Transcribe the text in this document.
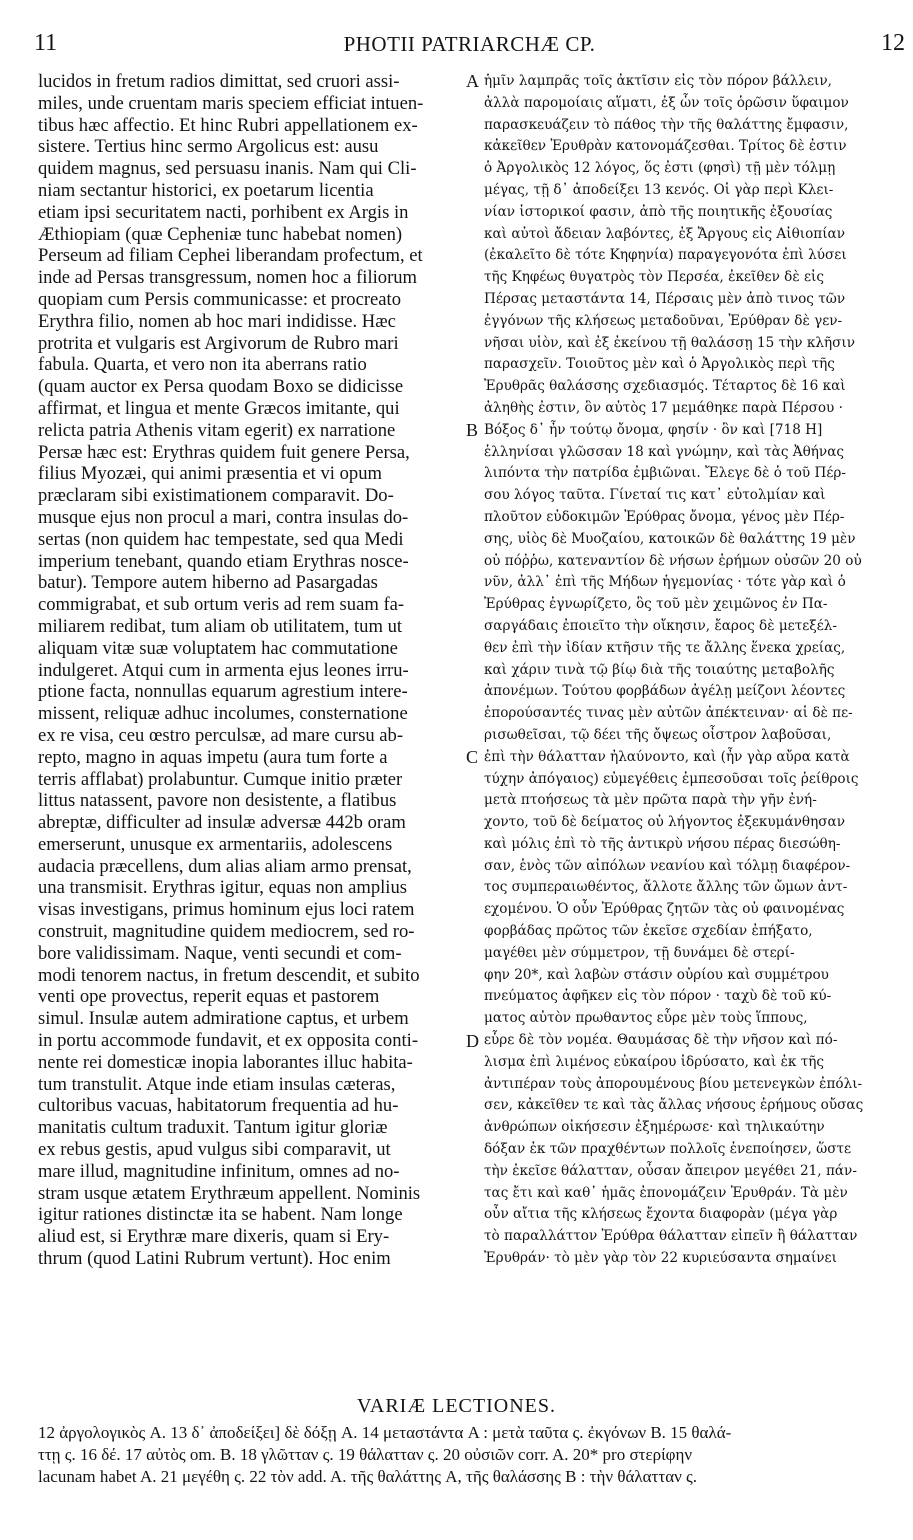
11	PHOTII PATRIARCHÆ CP.	12
lucidos in fretum radios dimittat, sed cruori assi-
miles, unde cruentam maris speciem efficiat intuen-
tibus hæc affectio. Et hinc Rubri appellationem ex-
sistere. Tertius hinc sermo Argolicus est: ausu
quidem magnus, sed persuasu inanis. Nam qui Cli-
niam sectantur historici, ex poetarum licentia
etiam ipsi securitatem nacti, porhibent ex Argis in
Æthiopiam (quæ Cepheniæ tunc habebat nomen)
Perseum ad filiam Cephei liberandam profectum, et
inde ad Persas transgressum, nomen hoc a filiorum
quopiam cum Persis communicasse: et procreato
Erythra filio, nomen ab hoc mari indidisse. Hæc
protrita et vulgaris est Argivorum de Rubro mari
fabula. Quarta, et vero non ita aberrans ratio
(quam auctor ex Persa quodam Boxo se didicisse
affirmat, et lingua et mente Græcos imitante, qui
relicta patria Athenis vitam egerit) ex narratione
Persæ hæc est: Erythras quidem fuit genere Persa,
filius Myozæi, qui animi præsentia et vi opum
præclaram sibi existimationem comparavit. Do-
musque ejus non procul a mari, contra insulas do-
sertas (non quidem hac tempestate, sed qua Medi
imperium tenebant, quando etiam Erythras nosce-
batur). Tempore autem hiberno ad Pasargadas
commigrabat, et sub ortum veris ad rem suam fa-
miliarem redibat, tum aliam ob utilitatem, tum ut
aliquam vitæ suæ voluptatem hac commutatione
indulgeret. Atqui cum in armenta ejus leones irru-
ptione facta, nonnullas equarum agrestium intere-
missent, reliquæ adhuc incolumes, consternatione
ex re visa, ceu œstro perculsæ, ad mare cursu ab-
repto, magno in aquas impetu (aura tum forte a
terris afflabat) prolabuntur. Cumque initio præter
littus natassent, pavore non desistente, a flatibus
abreptæ, difficulter ad insulæ adversæ 442b oram
emerserunt, unusque ex armentariis, adolescens
audacia præcellens, dum alias aliam armo prensat,
una transmisit. Erythras igitur, equas non amplius
visas investigans, primus hominum ejus loci ratem
construit, magnitudine quidem mediocrem, sed ro-
bore validissimam. Naque, venti secundi et com-
modi tenorem nactus, in fretum descendit, et subito
venti ope provectus, reperit equas et pastorem
simul. Insulæ autem admiratione captus, et urbem
in portu accommode fundavit, et ex opposita conti-
nente rei domesticæ inopia laborantes illuc habita-
tum transtulit. Atque inde etiam insulas cæteras,
cultoribus vacuas, habitatorum frequentia ad hu-
manitatis cultum traduxit. Tantum igitur gloriæ
ex rebus gestis, apud vulgus sibi comparavit, ut
mare illud, magnitudine infinitum, omnes ad no-
stram usque ætatem Erythræum appellent. Nominis
igitur rationes distinctæ ita se habent. Nam longe
aliud est, si Erythræ mare dixeris, quam si Ery-
thrum (quod Latini Rubrum vertunt). Hoc enim
A
B
C
D
ἡμῖν λαμπρᾶς τοῖς ἀκτῖσιν εἰς τὸν πόρον βάλλειν,
ἀλλὰ παρομοίαις αἵματι, ἐξ ὧν τοῖς ὁρῶσιν ὕφαιμον
παρασκευάζειν τὸ πάθος τὴν τῆς θαλάττης ἔμφασιν,
κἀκεῖθεν Ἐρυθρὰν κατονομάζεσθαι. Τρίτος δὲ ἐστιν
ὁ Ἀργολικὸς 12 λόγος, ὅς ἐστι (φησὶ) τῇ μὲν τόλμῃ
μέγας, τῇ δ᾿ ἀποδείξει 13 κενός. Οἱ γὰρ περὶ Κλει-
νίαν ἱστορικοί φασιν, ἀπὸ τῆς ποιητικῆς ἐξουσίας
καὶ αὐτοὶ ἄδειαν λαβόντες, ἐξ Ἄργους εἰς Αἰθιοπίαν
(ἐκαλεῖτο δὲ τότε Κηφηνία) παραγεγονότα ἐπὶ λύσει
τῆς Κηφέως θυγατρὸς τὸν Περσέα, ἐκεῖθεν δὲ εἰς
Πέρσας μεταστάντα 14, Πέρσαις μὲν ἀπὸ τινος τῶν
ἐγγόνων τῆς κλήσεως μεταδοῦναι, Ἐρύθραν δὲ γεν-
νῆσαι υἱὸν, καὶ ἐξ ἐκείνου τῇ θαλάσσῃ 15 τὴν κλῆσιν
παρασχεῖν. Τοιοῦτος μὲν καὶ ὁ Ἀργολικὸς περὶ τῆς
Ἐρυθρᾶς θαλάσσης σχεδιασμός. Τέταρτος δὲ 16 καὶ
ἀληθὴς ἐστιν, ὃν αὐτὸς 17 μεμάθηκε παρὰ Πέρσου ·
Βόξος δ᾿ ἦν τούτῳ ὄνομα, φησίν · ὃν καὶ [718 H]
ἑλληνίσαι γλῶσσαν 18 καὶ γνώμην, καὶ τὰς Ἀθήνας
λιπόντα τὴν πατρίδα ἐμβιῶναι. Ἔλεγε δὲ ὁ τοῦ Πέρ-
σου λόγος ταῦτα. Γίνεταί τις κατ᾿ εὐτολμίαν καὶ
πλοῦτον εὐδοκιμῶν Ἐρύθρας ὄνομα, γένος μὲν Πέρ-
σης, υἱὸς δὲ Μυοζαίου, κατοικῶν δὲ θαλάττης 19 μὲν
οὐ πόῤῥω, κατεναντίον δὲ νήσων ἐρήμων οὐσῶν 20 οὐ
νῦν, ἀλλ᾿ ἐπὶ τῆς Μήδων ἡγεμονίας · τότε γὰρ καὶ ὁ
Ἐρύθρας ἐγνωρίζετο, ὃς τοῦ μὲν χειμῶνος ἐν Πα-
σαργάδαις ἐποιεῖτο τὴν οἴκησιν, ἔαρος δὲ μετεξέλ-
θεν ἐπὶ τὴν ἰδίαν κτῆσιν τῆς τε ἄλλης ἕνεκα χρείας,
καὶ χάριν τινὰ τῷ βίῳ διὰ τῆς τοιαύτης μεταβολῆς
ἀπονέμων. Τούτου φορβάδων ἀγέλῃ μείζονι λέοντες
ἐπορούσαντές τινας μὲν αὐτῶν ἀπέκτειναν· αἱ δὲ πε-
ρισωθεῖσαι, τῷ δέει τῆς ὄψεως οἶστρον λαβοῦσαι,
ἐπὶ τὴν θάλατταν ἠλαύνοντο, καὶ (ἦν γὰρ αὔρα κατὰ
τύχην ἀπόγαιος) εὐμεγέθεις ἐμπεσοῦσαι τοῖς ῥείθροις
μετὰ πτοήσεως τὰ μὲν πρῶτα παρὰ τὴν γῆν ἐνή-
χοντο, τοῦ δὲ δείματος οὐ λήγοντος ἐξεκυμάνθησαν
καὶ μόλις ἐπὶ τὸ τῆς ἀντικρὺ νήσου πέρας διεσώθη-
σαν, ἑνὸς τῶν αἰπόλων νεανίου καὶ τόλμῃ διαφέρον-
τος συμπεραιωθέντος, ἄλλοτε ἄλλης τῶν ὤμων ἀντ-
εχομένου. Ὁ οὖν Ἐρύθρας ζητῶν τὰς οὐ φαινομένας
φορβάδας πρῶτος τῶν ἐκεῖσε σχεδίαν ἐπήξατο,
μαγέθει μὲν σύμμετρον, τῇ δυνάμει δὲ στερί-
φην 20*, καὶ λαβὼν στάσιν οὐρίου καὶ συμμέτρου
πνεύματος ἀφῆκεν εἰς τὸν πόρον · ταχὺ δὲ τοῦ κύ-
ματος αὐτὸν πρωθαντος εὗρε μὲν τοὺς ἵππους,
εὗρε δὲ τὸν νομέα. Θαυμάσας δὲ τὴν νῆσον καὶ πό-
λισμα ἐπὶ λιμένος εὐκαίρου ἱδρύσατο, καὶ ἐκ τῆς
ἀντιπέραν τοὺς ἀπορουμένους βίου μετενεγκὼν ἐπόλι-
σεν, κἀκεῖθεν τε καὶ τὰς ἄλλας νήσους ἐρήμους οὔσας
ἀνθρώπων οἰκήσεσιν ἐξημέρωσε· καὶ τηλικαύτην
δόξαν ἐκ τῶν πραχθέντων πολλοῖς ἐνεποίησεν, ὥστε
τὴν ἐκεῖσε θάλατταν, οὖσαν ἄπειρον μεγέθει 21, πάν-
τας ἔτι καὶ καθ᾿ ἡμᾶς ἐπονομάζειν Ἐρυθράν. Τὰ μὲν
οὖν αἴτια τῆς κλήσεως ἔχοντα διαφορὰν (μέγα γὰρ
τὸ παραλλάττον Ἐρύθρα θάλατταν εἰπεῖν ἢ θάλατταν
Ἐρυθράν· τὸ μὲν γὰρ τὸν 22 κυριεύσαντα σημαίνει
VARIÆ LECTIONES.
12 ἀργολογικὸς A. 13 δ᾿ ἀποδείξει] δὲ δόξῃ A. 14 μεταστάντα A : μετὰ ταῦτα ς. ἐκγόνων B. 15 θαλά-
ττῃ ς. 16 δέ. 17 αὐτὸς om. B. 18 γλῶτταν ς. 19 θάλατταν ς. 20 οὐσιῶν corr. A. 20* pro στερίφην
lacunam habet A. 21 μεγέθη ς. 22 τὸν add. A. τῆς θαλάττης A, τῆς θαλάσσης B : τὴν θάλατταν ς.
